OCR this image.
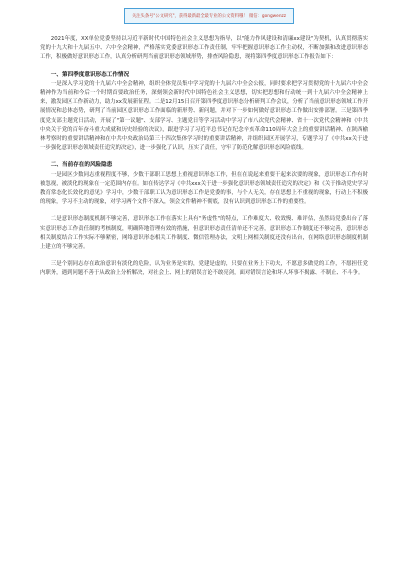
关注头条号"公文研究"，获得最新最全最专业的公文资料哦！ 微信：gongwenzz

2021年度，XX单位党委坚持以习近平新时代中国特色社会主义思想为指导，以"能力作风建设和清廉xx建设"为契机，认真贯彻落实党的十九大和十九届五中、六中全会精神，严格落实党委意识形态工作责任制，牢牢把握意识形态工作主动权，不断加强和改进意识形态工作，积极做好意识形态工作，认真分析研判当前意识形态领域形势，排查风险隐患，现将第四季度意识形态工作报告如下：

一、第四季度意识形态工作情况

一是深入学习党的十九届六中全会精神，组织全体党员集中学习党的十九届六中全会公报，同时要求把学习贯彻党的十九届六中全会精神作为当前和今后一个时期首要政治任务，深刻领会新时代中国特色社会主义思想，切实把思想和行动统一到十九届六中全会精神上来，激发园区工作新动力，助力xx发展新征程。二是12月15日召开第四季度意识形态分析研判工作会议，分析了当前意识形态领域工作开展情况和总体态势，研判了当前园区意识形态工作面临的新形势、新问题，并对下一步如何做好意识形态工作做出安排部署。三是第四季度党支部主题党日活动，开展了"第一议题"、支部学习、主题党日等学习活动中学习了市八次党代会精神、省十一次党代会精神和《中共中央关于党的百年奋斗重大成就和历史经验的决议》，跟进学习了习近平总书记在纪念辛亥革命110周年大会上的重要讲话精神、在陕西榆林考察时的重要讲话精神和在中共中央政治局第三十四次集体学习时的重要讲话精神，并组织园区开展学习，专题学习了《中共xx关于进一步强化意识形态领域责任追究的决定》，进一步强化了认识，压实了责任，守牢了防范化解意识形态风险底线。

二、当前存在的风险隐患

一是园区少数同志重视程度不够，少数干部职工思想上重视意识形态工作，但在在说起来重要干起来次要的现象，意识形态工作有时被忽视，被淡化的现象在一定范围内存在。如在传达学习《中共xxx关于进一步强化意识形态领域责任追究的决定》和《关于推动党史学习教育常态化长效化的意见》学习中，少数干部职工认为意识形态工作是党委的事，与个人无关，存在思想上不重视的现象，行动上不积极的现象，学习不主动的现象，对学习两个文件不深入，领会文件精神不彻底，没有认识到意识形态工作的重要性。

二是意识形态制度机制不够完善，意识形态工作在落实上具有"务虚性"的特点，工作难度大、收效慢、难评估，虽然局党委出台了落实意识形态工作责任制的考核制度，明确阵地管理有效的措施，但意识形态责任清单还不完善，意识形态工作制度还不够完善，意识形态相关制度结合工作实际不够紧密，网络意识形态相关工作制度、微信管理办法，文明上网相关制度还没有出台，在网络意识形态制度机制上建立的不够完善。

三是个别同志存在政治意识有淡化的危险，认为业务是实的，党建是虚的，只要在业务上下功夫，不愿意多做党的工作，不愿担任党内职务，遇到问题不善于从政治上分析解决，对社会上、网上的错误言论不敢亮剑，面对错误言论和坏人坏事不揭露、不制止、不斗争。
